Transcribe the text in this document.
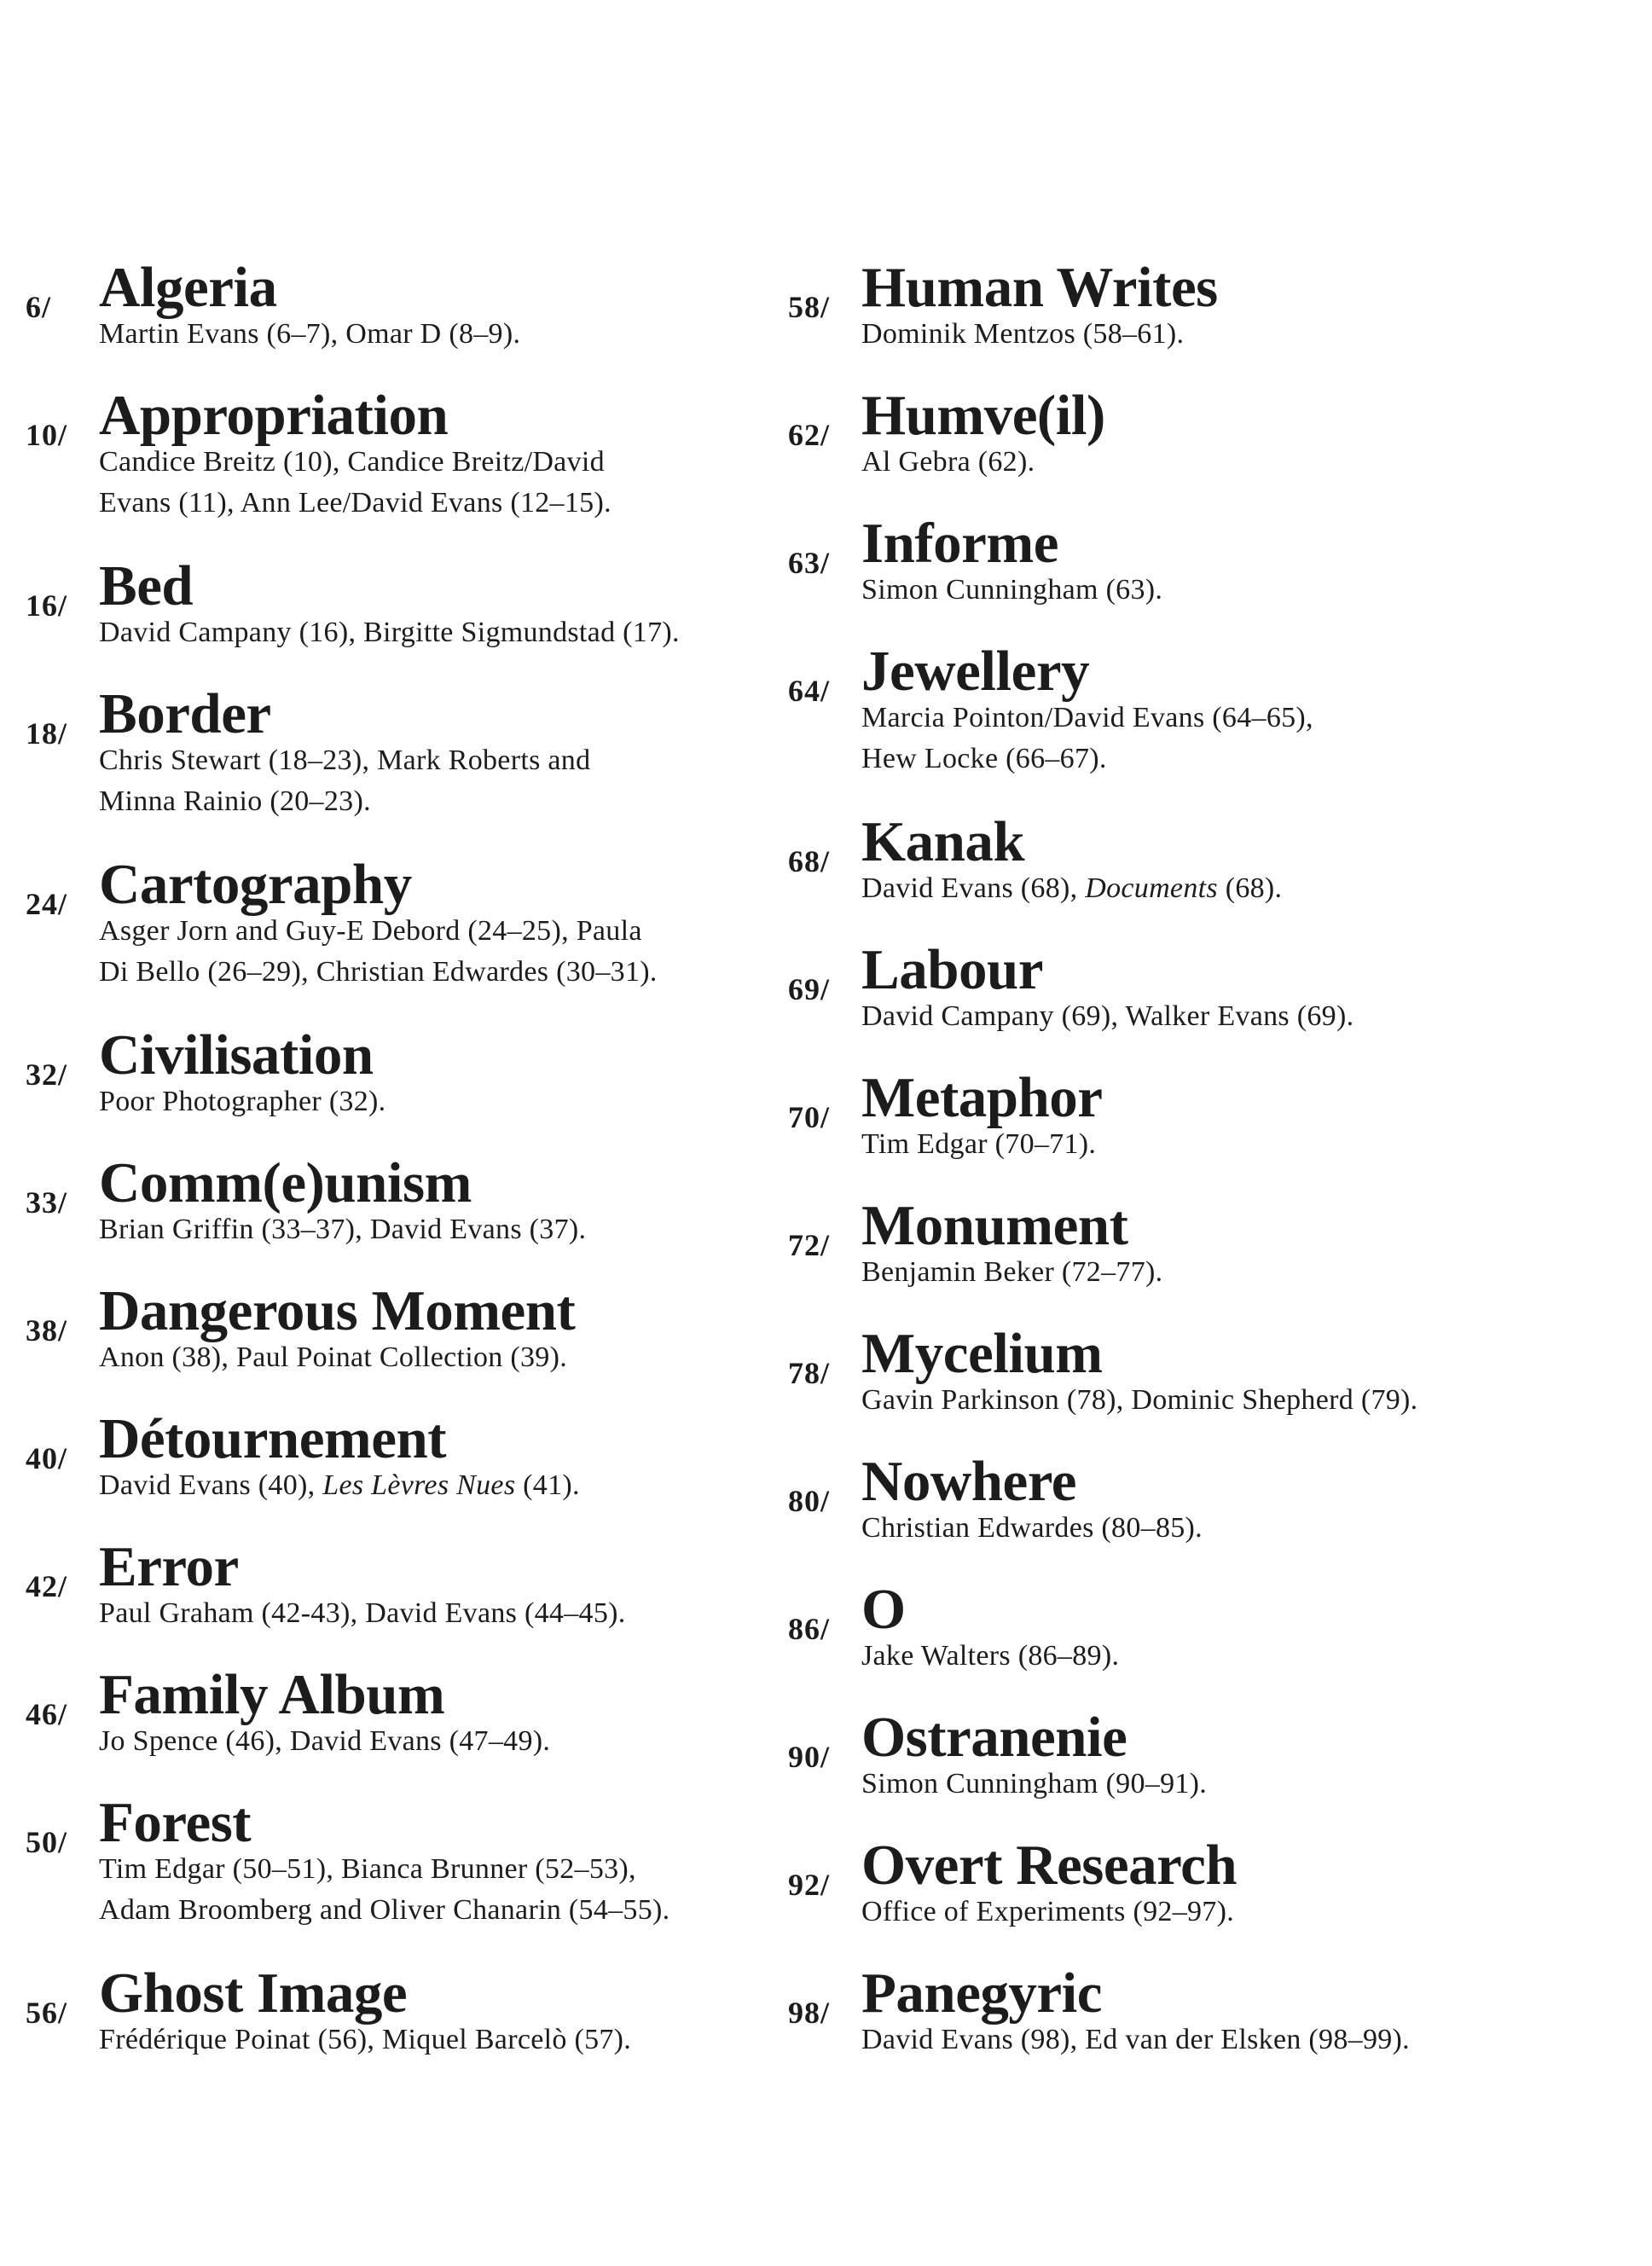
6/ Algeria
Martin Evans (6–7), Omar D (8–9).
10/ Appropriation
Candice Breitz (10), Candice Breitz/David
Evans (11), Ann Lee/David Evans (12–15).
16/ Bed
David Campany (16), Birgitte Sigmundstad (17).
18/ Border
Chris Stewart (18–23), Mark Roberts and
Minna Rainio (20–23).
24/ Cartography
Asger Jorn and Guy-E Debord (24–25), Paula
Di Bello (26–29), Christian Edwardes (30–31).
32/ Civilisation
Poor Photographer (32).
33/ Comm(e)unism
Brian Griffin (33–37), David Evans (37).
38/ Dangerous Moment
Anon (38), Paul Poinat Collection (39).
40/ Détournement
David Evans (40), Les Lèvres Nues (41).
42/ Error
Paul Graham (42-43), David Evans (44–45).
46/ Family Album
Jo Spence (46), David Evans (47–49).
50/ Forest
Tim Edgar (50–51), Bianca Brunner (52–53),
Adam Broomberg and Oliver Chanarin (54–55).
56/ Ghost Image
Frédérique Poinat (56), Miquel Barcelò (57).
58/ Human Writes
Dominik Mentzos (58–61).
62/ Humve(il)
Al Gebra (62).
63/ Informe
Simon Cunningham (63).
64/ Jewellery
Marcia Pointon/David Evans (64–65),
Hew Locke (66–67).
68/ Kanak
David Evans (68), Documents (68).
69/ Labour
David Campany (69), Walker Evans (69).
70/ Metaphor
Tim Edgar (70–71).
72/ Monument
Benjamin Beker (72–77).
78/ Mycelium
Gavin Parkinson (78), Dominic Shepherd (79).
80/ Nowhere
Christian Edwardes (80–85).
86/ O
Jake Walters (86–89).
90/ Ostranenie
Simon Cunningham (90–91).
92/ Overt Research
Office of Experiments (92–97).
98/ Panegyric
David Evans (98), Ed van der Elsken (98–99).
